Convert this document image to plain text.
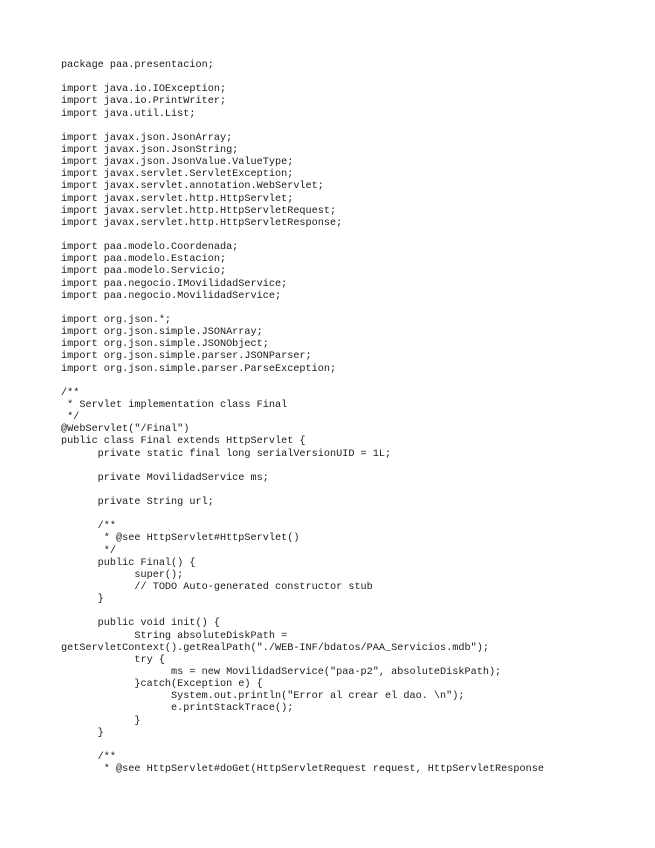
package paa.presentacion;
import java.io.IOException;
import java.io.PrintWriter;
import java.util.List;
import javax.json.JsonArray;
import javax.json.JsonString;
import javax.json.JsonValue.ValueType;
import javax.servlet.ServletException;
import javax.servlet.annotation.WebServlet;
import javax.servlet.http.HttpServlet;
import javax.servlet.http.HttpServletRequest;
import javax.servlet.http.HttpServletResponse;
import paa.modelo.Coordenada;
import paa.modelo.Estacion;
import paa.modelo.Servicio;
import paa.negocio.IMovilidadService;
import paa.negocio.MovilidadService;
import org.json.*;
import org.json.simple.JSONArray;
import org.json.simple.JSONObject;
import org.json.simple.parser.JSONParser;
import org.json.simple.parser.ParseException;
/**
* Servlet implementation class Final
*/
@WebServlet("/Final")
public class Final extends HttpServlet {
private static final long serialVersionUID = 1L;
private MovilidadService ms;
private String url;
/**
* @see HttpServlet#HttpServlet()
*/
public Final() {
super();
// TODO Auto-generated constructor stub
}
public void init() {
String absoluteDiskPath =
getServletContext().getRealPath("./WEB-INF/bdatos/PAA_Servicios.mdb");
try {
ms = new MovilidadService("paa-p2", absoluteDiskPath);
}catch(Exception e) {
System.out.println("Error al crear el dao. \n");
e.printStackTrace();
}
}
/**
* @see HttpServlet#doGet(HttpServletRequest request, HttpServletResponse
